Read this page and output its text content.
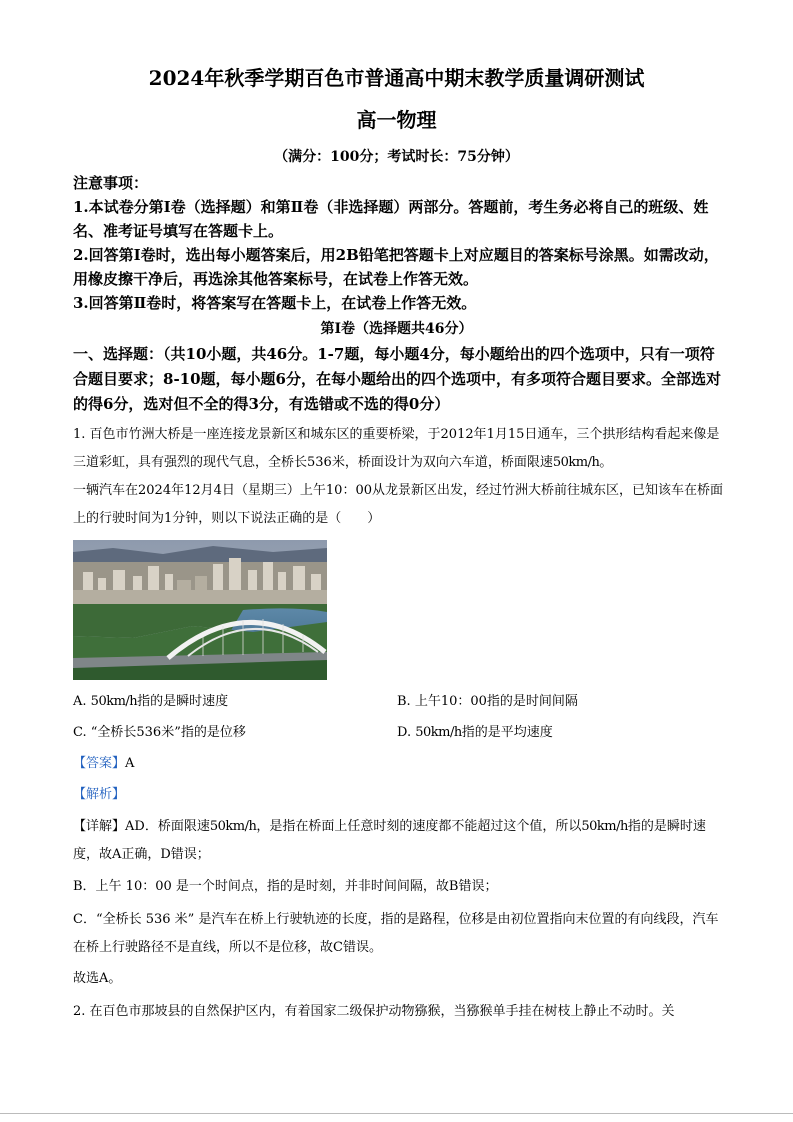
2024年秋季学期百色市普通高中期末教学质量调研测试
高一物理
（满分：100分；考试时长：75分钟）
注意事项：
1.本试卷分第Ⅰ卷（选择题）和第Ⅱ卷（非选择题）两部分。答题前，考生务必将自己的班级、姓名、准考证号填写在答题卡上。
2.回答第Ⅰ卷时，选出每小题答案后，用2B铅笔把答题卡上对应题目的答案标号涂黑。如需改动，用橡皮擦干净后，再选涂其他答案标号，在试卷上作答无效。
3.回答第Ⅱ卷时，将答案写在答题卡上，在试卷上作答无效。
第Ⅰ卷（选择题共46分）
一、选择题：（共10小题，共46分。1-7题，每小题4分，每小题给出的四个选项中，只有一项符合题目要求；8-10题，每小题6分，在每小题给出的四个选项中，有多项符合题目要求。全部选对的得6分，选对但不全的得3分，有选错或不选的得0分）
1. 百色市竹洲大桥是一座连接龙景新区和城东区的重要桥梁，于2012年1月15日通车，三个拱形结构看起来像是三道彩虹，具有强烈的现代气息，全桥长536米，桥面设计为双向六车道，桥面限速50km/h。
一辆汽车在2024年12月4日（星期三）上午10：00从龙景新区出发，经过竹洲大桥前往城东区，已知该车在桥面上的行驶时间为1分钟，则以下说法正确的是（　　）
A. 50km/h指的是瞬时速度	B. 上午10：00指的是时间间隔
C. “全桥长536米”指的是位移	D. 50km/h指的是平均速度
【答案】A
【解析】
【详解】AD．桥面限速50km/h，是指在桥面上任意时刻的速度都不能超过这个值，所以50km/h指的是瞬时速度，故A正确，D错误；
B．上午 10：00 是一个时间点，指的是时刻，并非时间间隔，故B错误；
C．“全桥长 536 米” 是汽车在桥上行驶轨迹的长度，指的是路程，位移是由初位置指向末位置的有向线段，汽车在桥上行驶路径不是直线，所以不是位移，故C错误。
故选A。
2. 在百色市那坡县的自然保护区内，有着国家二级保护动物猕猴，当猕猴单手挂在树枝上静止不动时。关
